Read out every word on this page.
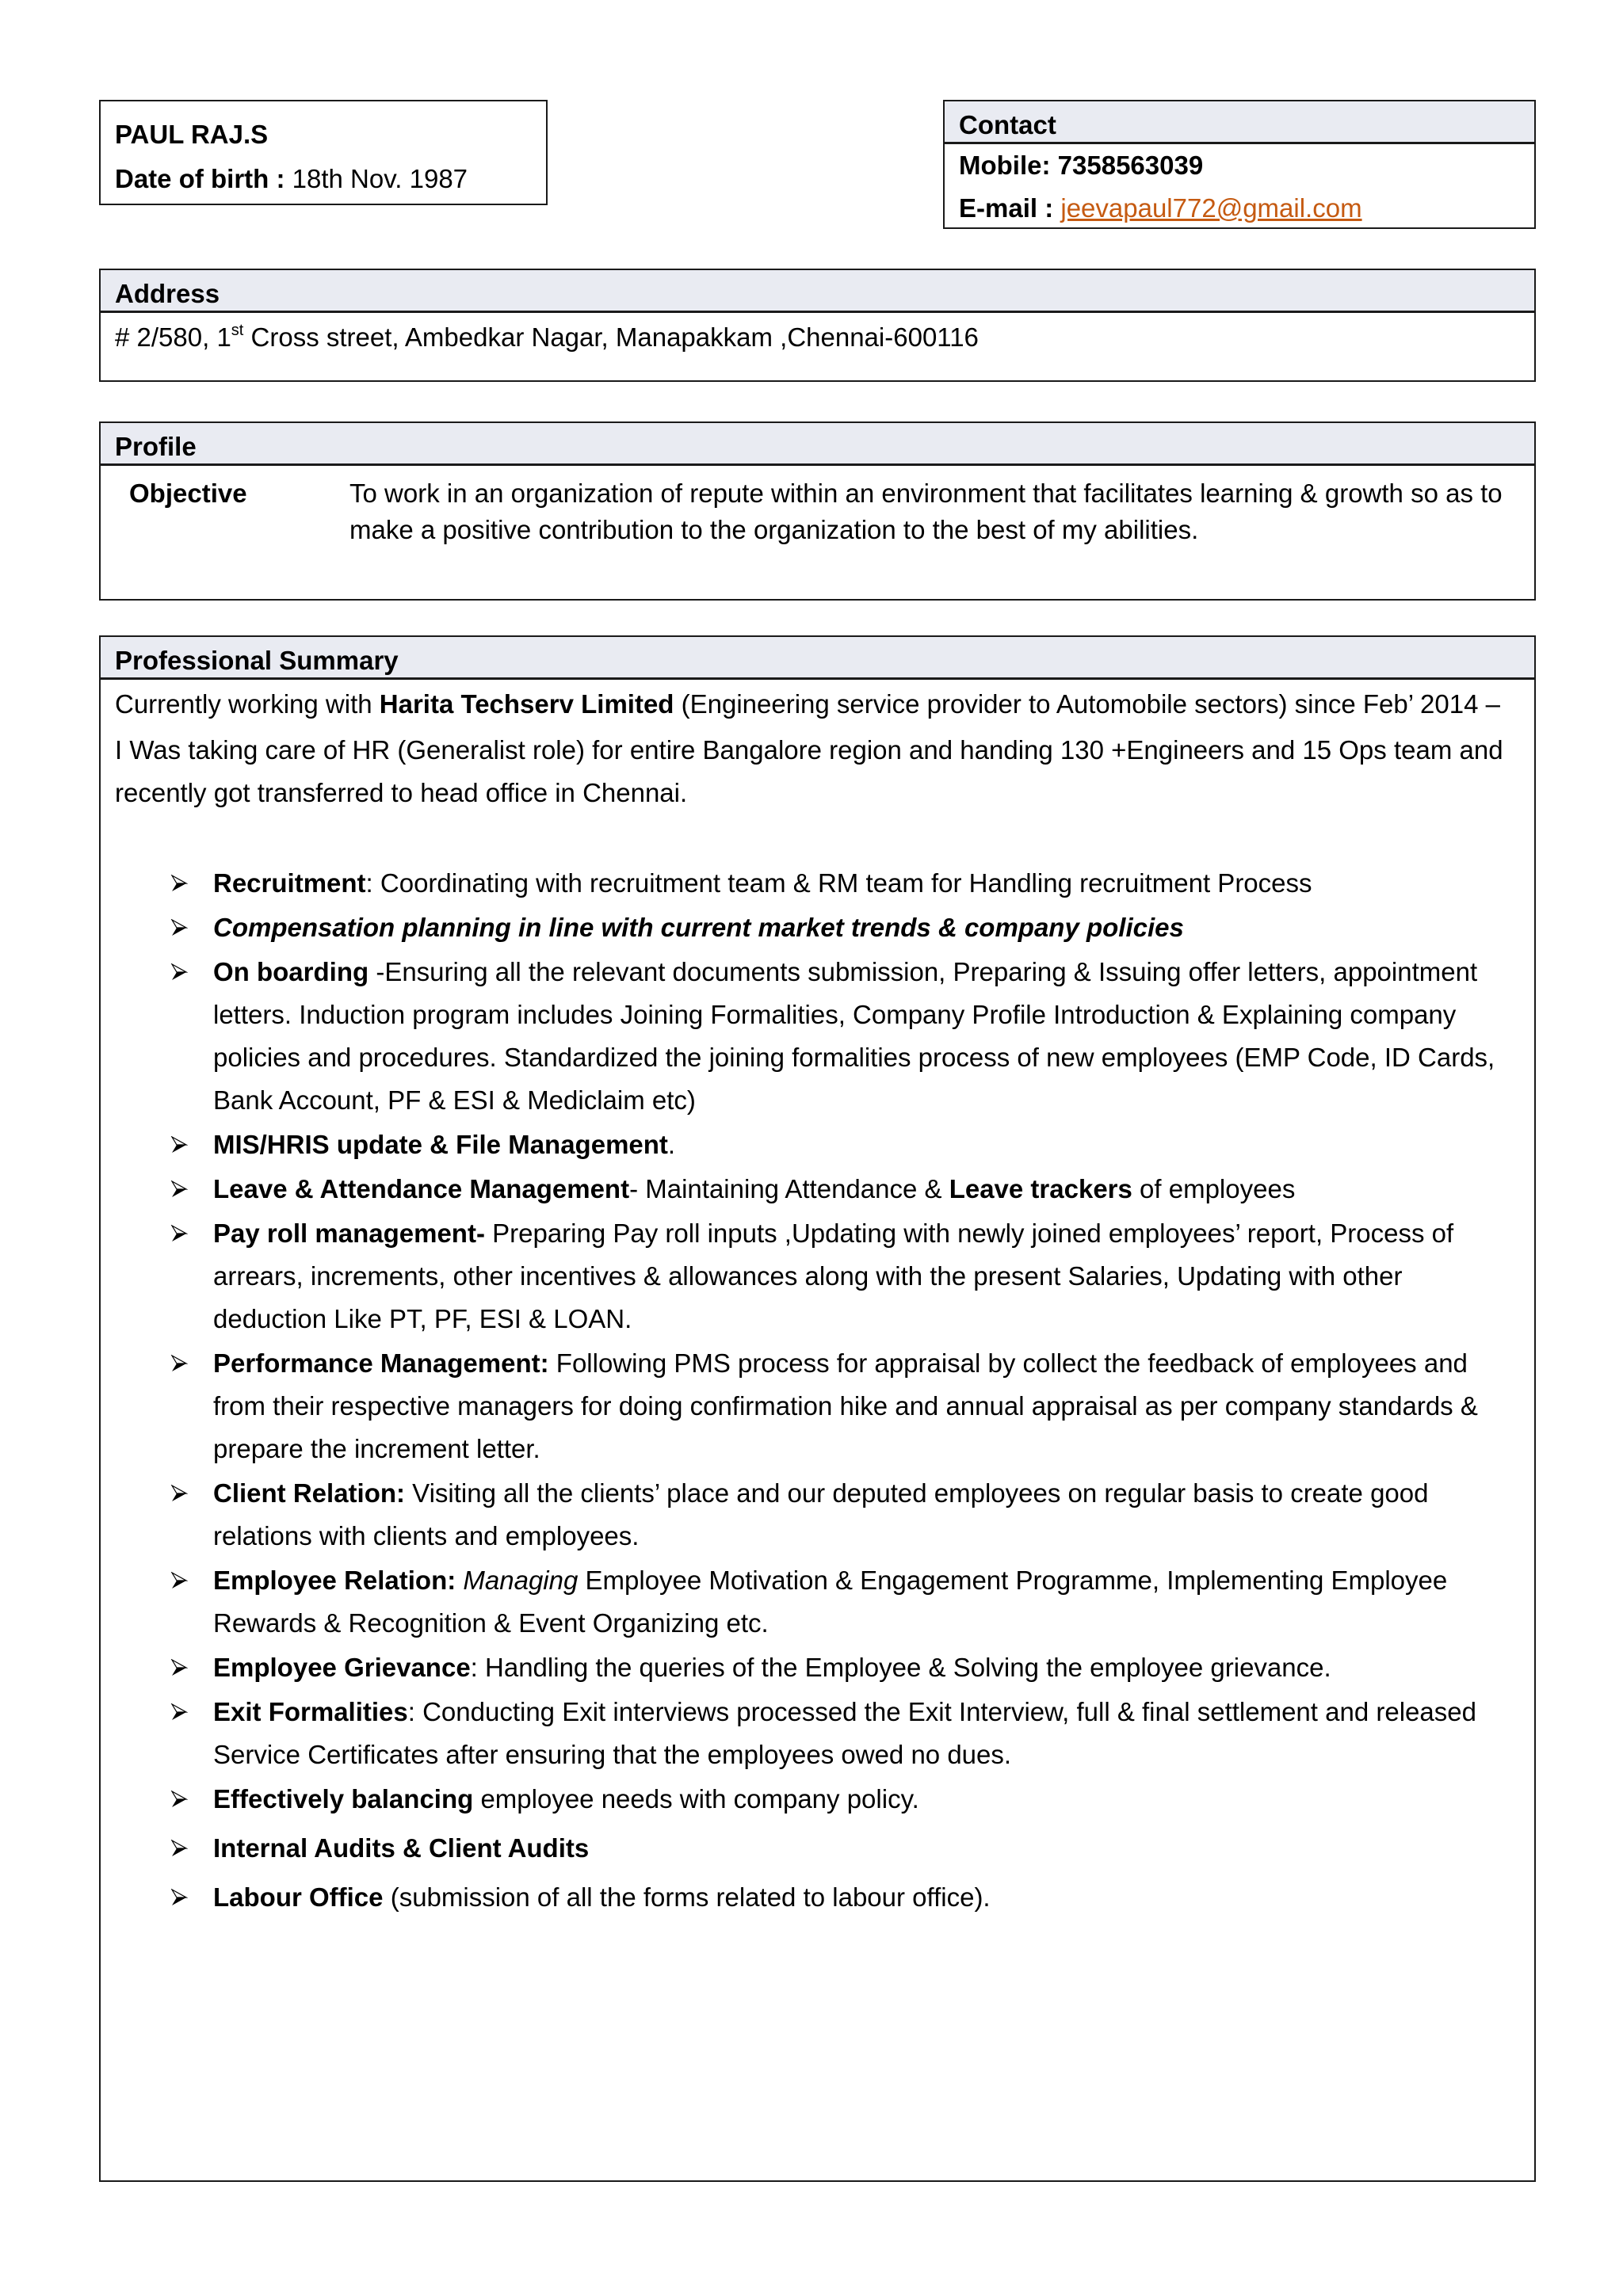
PAUL RAJ.S
Date of birth : 18th Nov. 1987
Contact
Mobile: 7358563039
E-mail : jeevapaul772@gmail.com
Address
# 2/580, 1st Cross street, Ambedkar Nagar, Manapakkam ,Chennai-600116
Profile
Objective	To work in an organization of repute within an environment that facilitates learning & growth so as to make a positive contribution to the organization to the best of my abilities.
Professional Summary
Currently working with Harita Techserv Limited (Engineering service provider to Automobile sectors) since Feb’ 2014 –
I Was taking care of HR (Generalist role) for entire Bangalore region and handing 130 +Engineers and 15 Ops team and recently got transferred to head office in Chennai.
Recruitment: Coordinating with recruitment team & RM team for Handling recruitment Process
Compensation planning in line with current market trends & company policies
On boarding -Ensuring all the relevant documents submission, Preparing & Issuing offer letters, appointment letters. Induction program includes Joining Formalities, Company Profile Introduction & Explaining company policies and procedures. Standardized the joining formalities process of new employees (EMP Code, ID Cards, Bank Account, PF & ESI & Mediclaim etc)
MIS/HRIS update & File Management.
Leave & Attendance Management- Maintaining Attendance & Leave trackers of employees
Pay roll management- Preparing Pay roll inputs ,Updating with newly joined employees’ report, Process of arrears, increments, other incentives & allowances along with the present Salaries, Updating with other deduction Like PT, PF, ESI & LOAN.
Performance Management: Following PMS process for appraisal by collect the feedback of employees and from their respective managers for doing confirmation hike and annual appraisal as per company standards & prepare the increment letter.
Client Relation: Visiting all the clients’ place and our deputed employees on regular basis to create good relations with clients and employees.
Employee Relation: Managing Employee Motivation & Engagement Programme, Implementing Employee Rewards & Recognition & Event Organizing etc.
Employee Grievance: Handling the queries of the Employee & Solving the employee grievance.
Exit Formalities: Conducting Exit interviews processed the Exit Interview, full & final settlement and released Service Certificates after ensuring that the employees owed no dues.
Effectively balancing employee needs with company policy.
Internal Audits & Client Audits
Labour Office (submission of all the forms related to labour office).
